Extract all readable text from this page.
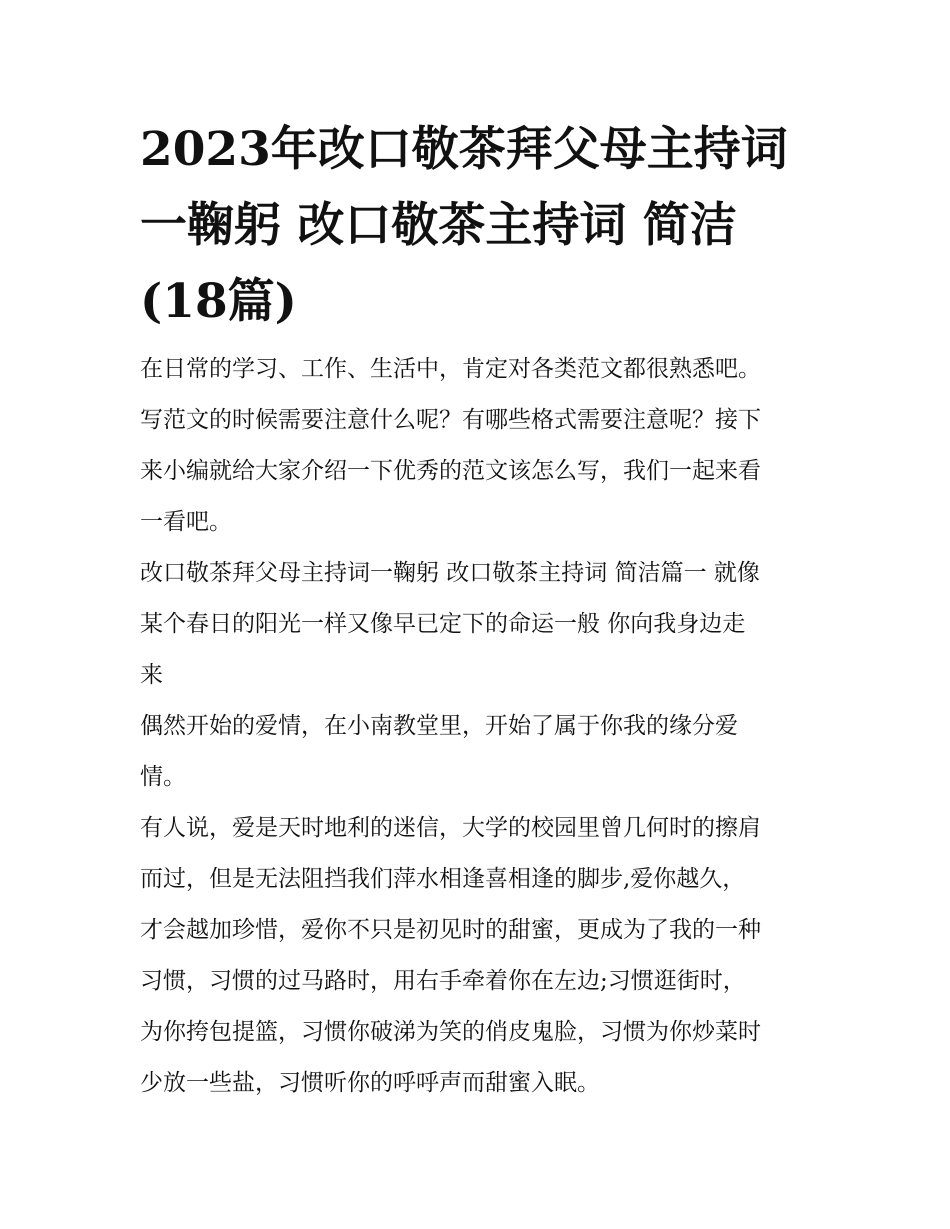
2023年改口敬茶拜父母主持词
一鞠躬 改口敬茶主持词 简洁
(18篇)

在日常的学习、工作、生活中，肯定对各类范文都很熟悉吧。
写范文的时候需要注意什么呢？有哪些格式需要注意呢？接下
来小编就给大家介绍一下优秀的范文该怎么写，我们一起来看
一看吧。

改口敬茶拜父母主持词一鞠躬 改口敬茶主持词 简洁篇一 就像
某个春日的阳光一样又像早已定下的命运一般 你向我身边走
来

偶然开始的爱情，在小南教堂里，开始了属于你我的缘分爱
情。

有人说，爱是天时地利的迷信，大学的校园里曾几何时的擦肩
而过，但是无法阻挡我们萍水相逢喜相逢的脚步,爱你越久，
才会越加珍惜，爱你不只是初见时的甜蜜，更成为了我的一种
习惯，习惯的过马路时，用右手牵着你在左边;习惯逛街时，
为你挎包提篮，习惯你破涕为笑的俏皮鬼脸，习惯为你炒菜时
少放一些盐，习惯听你的呼呼声而甜蜜入眠。
